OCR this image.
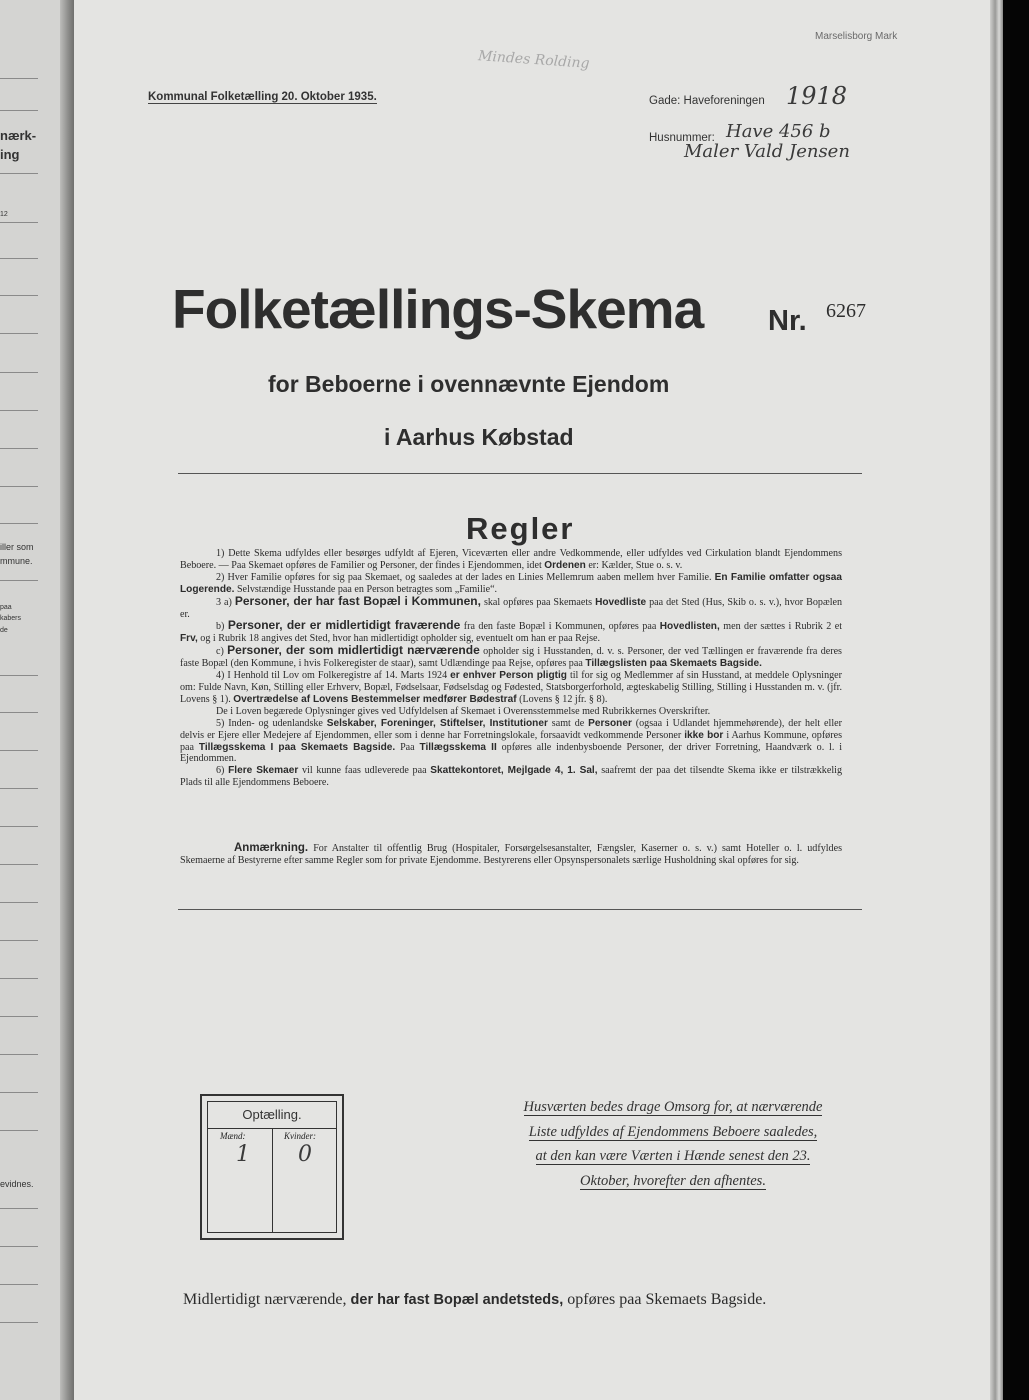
nærk-
ing
12
iller som
mmune.
paa
kabers
de
evidnes.
Marselisborg Mark
Mindes Rolding
Kommunal Folketælling 20. Oktober 1935.	Gade: Haveforeningen 1918
Husnummer: Have 456 b
Maler Vald Jensen
Folketællings-Skema Nr. 6267
for Beboerne i ovennævnte Ejendom
i Aarhus Købstad
Regler

1) Dette Skema udfyldes eller besørges udfyldt af Ejeren, Viceværten eller andre Vedkommende, eller udfyldes ved Cirkulation blandt Ejendommens Beboere. — Paa Skemaet opføres de Familier og Personer, der findes i Ejendommen, idet Ordenen er: Kælder, Stue o. s. v.

2) Hver Familie opføres for sig paa Skemaet, og saaledes at der lades en Linies Mellemrum aaben mellem hver Familie. En Familie omfatter ogsaa Logerende. Selvstændige Husstande paa en Person betragtes som „Familie“.

3 a) Personer, der har fast Bopæl i Kommunen, skal opføres paa Skemaets Hovedliste paa det Sted (Hus, Skib o. s. v.), hvor Bopælen er.

b) Personer, der er midlertidigt fraværende fra den faste Bopæl i Kommunen, opføres paa Hovedlisten, men der sættes i Rubrik 2 et Frv, og i Rubrik 18 angives det Sted, hvor han midlertidigt opholder sig, eventuelt om han er paa Rejse.

c) Personer, der som midlertidigt nærværende opholder sig i Husstanden, d. v. s. Personer, der ved Tællingen er fraværende fra deres faste Bopæl (den Kommune, i hvis Folkeregister de staar), samt Udlændinge paa Rejse, opføres paa Tillægslisten paa Skemaets Bagside.

4) I Henhold til Lov om Folkeregistre af 14. Marts 1924 er enhver Person pligtig til for sig og Medlemmer af sin Husstand, at meddele Oplysninger om: Fulde Navn, Køn, Stilling eller Erhverv, Bopæl, Fødselsaar, Fødselsdag og Fødested, Statsborgerforhold, ægteskabelig Stilling, Stilling i Husstanden m. v. (jfr. Lovens § 1). Overtrædelse af Lovens Bestemmelser medfører Bødestraf (Lovens § 12 jfr. § 8).

De i Loven begærede Oplysninger gives ved Udfyldelsen af Skemaet i Overensstemmelse med Rubrikkernes Overskrifter.

5) Inden- og udenlandske Selskaber, Foreninger, Stiftelser, Institutioner samt de Personer (ogsaa i Udlandet hjemmehørende), der helt eller delvis er Ejere eller Medejere af Ejendommen, eller som i denne har Forretningslokale, forsaavidt vedkommende Personer ikke bor i Aarhus Kommune, opføres paa Tillægsskema I paa Skemaets Bagside. Paa Tillægsskema II opføres alle indenbysboende Personer, der driver Forretning, Haandværk o. l. i Ejendommen.

6) Flere Skemaer vil kunne faas udleverede paa Skattekontoret, Mejlgade 4, 1. Sal, saafremt der paa det tilsendte Skema ikke er tilstrækkelig Plads til alle Ejendommens Beboere.

Anmærkning. For Anstalter til offentlig Brug (Hospitaler, Forsørgelsesanstalter, Fængsler, Kaserner o. s. v.) samt Hoteller o. l. udfyldes Skemaerne af Bestyrerne efter samme Regler som for private Ejendomme. Bestyrerens eller Opsynspersonalets særlige Husholdning skal opføres for sig.

Optælling.
Mænd:	Kvinder:
1 0
Husværten bedes drage Omsorg for, at nærværende
Liste udfyldes af Ejendommens Beboere saaledes,
at den kan være Værten i Hænde senest den 23.
Oktober, hvorefter den afhentes.
Midlertidigt nærværende, der har fast Bopæl andetsteds, opføres paa Skemaets Bagside.
